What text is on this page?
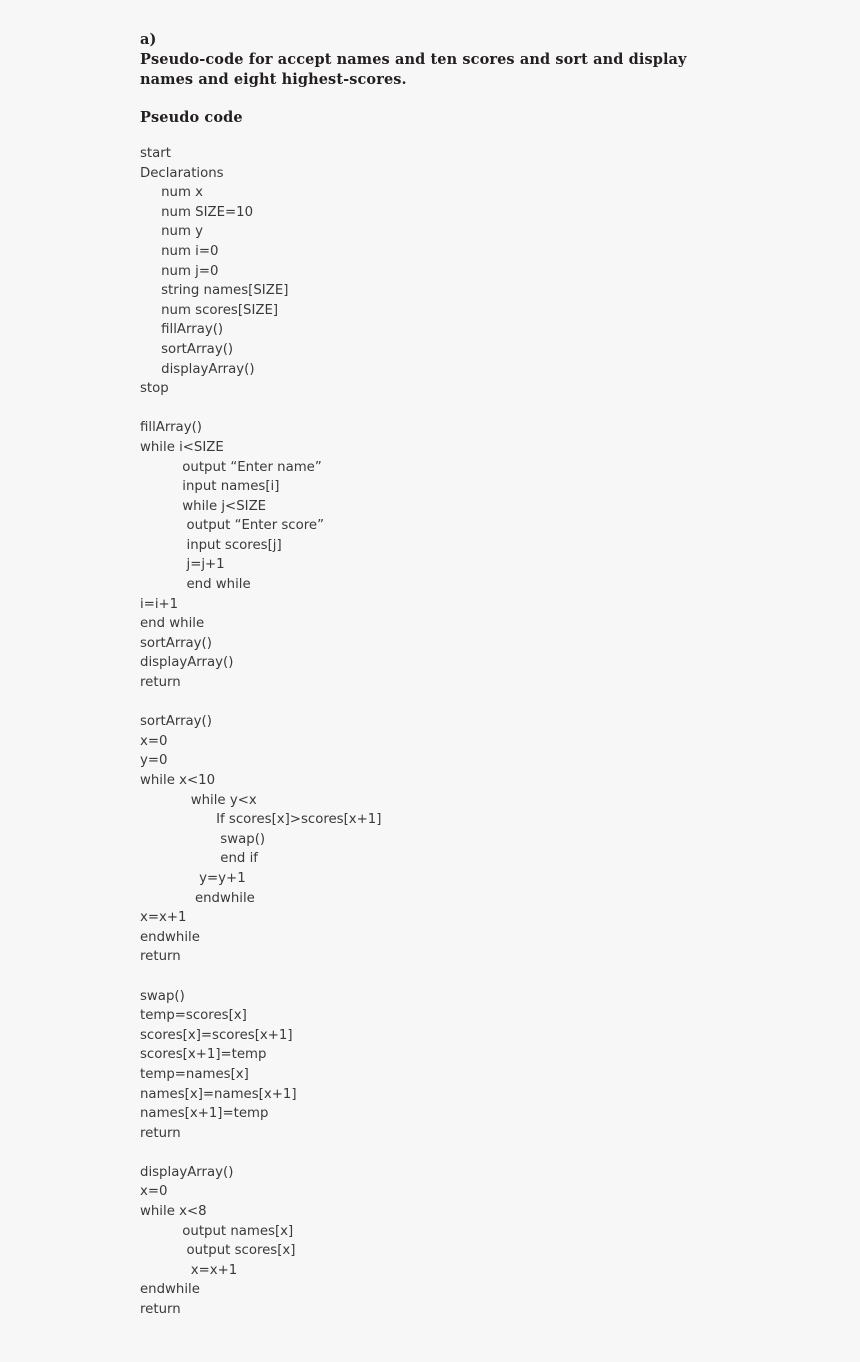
a)
Pseudo-code for accept names and ten scores and sort and display names and eight highest-scores.
Pseudo code
start
Declarations
num x
num SIZE=10
num y
num i=0
num j=0
string names[SIZE]
num scores[SIZE]
fillArray()
sortArray()
displayArray()
stop

fillArray()
while i<SIZE
output “Enter name”
input names[i]
while j<SIZE
output “Enter score”
input scores[j]
j=j+1
end while
i=i+1
end while
sortArray()
displayArray()
return

sortArray()
x=0
y=0
while x<10
while y<x
If scores[x]>scores[x+1]
swap()
end if
y=y+1
endwhile
x=x+1
endwhile
return

swap()
temp=scores[x]
scores[x]=scores[x+1]
scores[x+1]=temp
temp=names[x]
names[x]=names[x+1]
names[x+1]=temp
return

displayArray()
x=0
while x<8
output names[x]
output scores[x]
x=x+1
endwhile
return
